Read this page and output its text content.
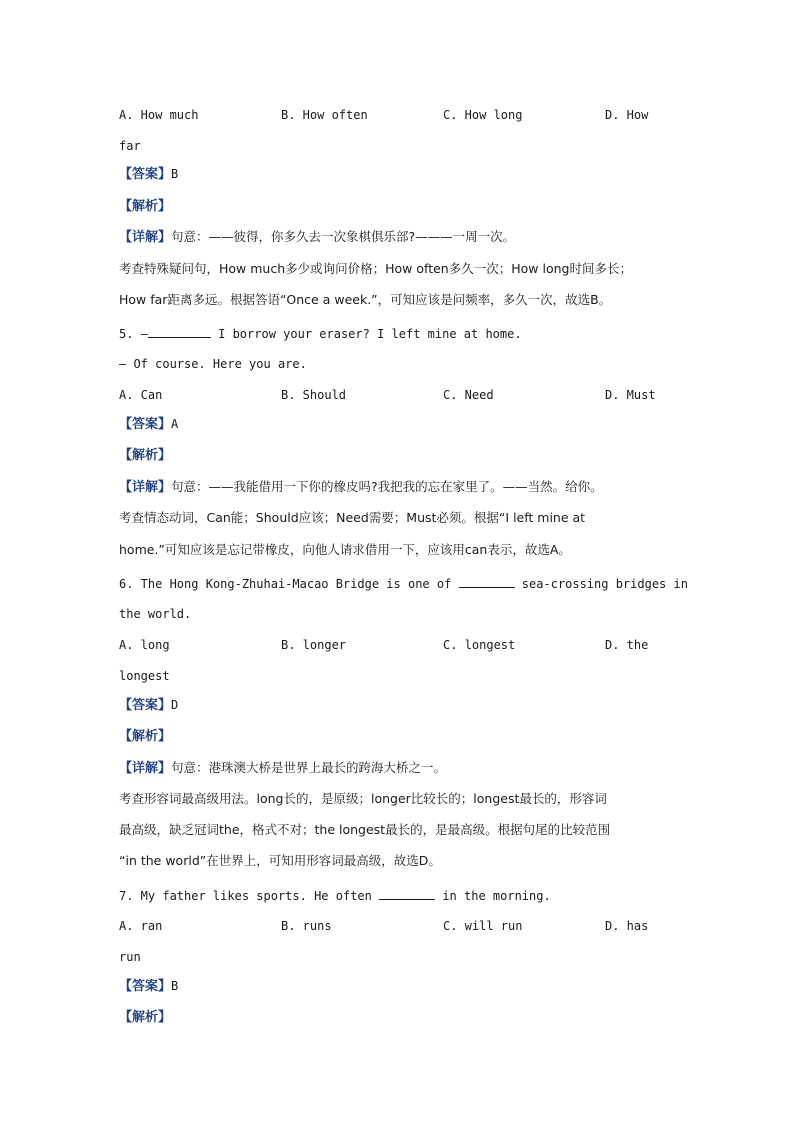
A. How much	B. How often	C. How long	D. How
far
【答案】B
【解析】
【详解】句意：——彼得，你多久去一次象棋俱乐部?———一周一次。
考查特殊疑问句，How much多少或询问价格；How often多久一次；How long时间多长；
How far距离多远。根据答语“Once a week.”，可知应该是问频率，多久一次，故选B。
5. —	I borrow your eraser? I left mine at home.
— Of course. Here you are.
A. Can	B. Should	C. Need	D. Must
【答案】A
【解析】
【详解】句意：——我能借用一下你的橡皮吗?我把我的忘在家里了。——当然。给你。
考查情态动词，Can能；Should应该；Need需要；Must必须。根据“I left mine at
home.”可知应该是忘记带橡皮，向他人请求借用一下，应该用can表示，故选A。
6. The Hong Kong-Zhuhai-Macao Bridge is one of	sea-crossing bridges in
the world.
A. long	B. longer	C. longest	D. the
longest
【答案】D
【解析】
【详解】句意：港珠澳大桥是世界上最长的跨海大桥之一。
考查形容词最高级用法。long长的，是原级；longer比较长的；longest最长的，形容词
最高级，缺乏冠词the，格式不对；the longest最长的，是最高级。根据句尾的比较范围
“in the world”在世界上，可知用形容词最高级，故选D。
7. My father likes sports. He often	in the morning.
A. ran	B. runs	C. will run	D. has
run
【答案】B
【解析】
